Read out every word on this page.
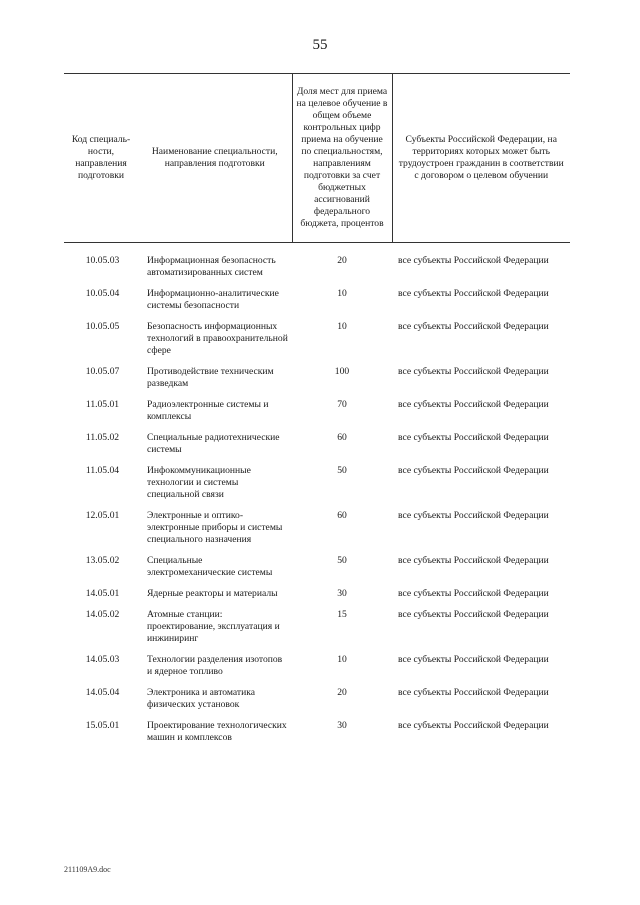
55
Код специаль-ности, направления подготовки	Наименование специальности, направления подготовки	Доля мест для приема на целевое обучение в общем объеме контрольных цифр приема на обучение по специальностям, направлениям подготовки за счет бюджетных ассигнований федерального бюджета, процентов	Субъекты Российской Федерации, на территориях которых может быть трудоустроен гражданин в соответствии с договором о целевом обучении

10.05.03	Информационная безопасность автоматизированных систем	20	все субъекты Российской Федерации
10.05.04	Информационно-аналитические системы безопасности	10	все субъекты Российской Федерации
10.05.05	Безопасность информационных технологий в правоохранительной сфере	10	все субъекты Российской Федерации
10.05.07	Противодействие техническим разведкам	100	все субъекты Российской Федерации
11.05.01	Радиоэлектронные системы и комплексы	70	все субъекты Российской Федерации
11.05.02	Специальные радиотехнические системы	60	все субъекты Российской Федерации
11.05.04	Инфокоммуникационные технологии и системы специальной связи	50	все субъекты Российской Федерации
12.05.01	Электронные и оптико-электронные приборы и системы специального назначения	60	все субъекты Российской Федерации
13.05.02	Специальные электромеханические системы	50	все субъекты Российской Федерации
14.05.01	Ядерные реакторы и материалы	30	все субъекты Российской Федерации
14.05.02	Атомные станции: проектирование, эксплуатация и инжиниринг	15	все субъекты Российской Федерации
14.05.03	Технологии разделения изотопов и ядерное топливо	10	все субъекты Российской Федерации
14.05.04	Электроника и автоматика физических установок	20	все субъекты Российской Федерации
15.05.01	Проектирование технологических машин и комплексов	30	все субъекты Российской Федерации
211109A9.doc
